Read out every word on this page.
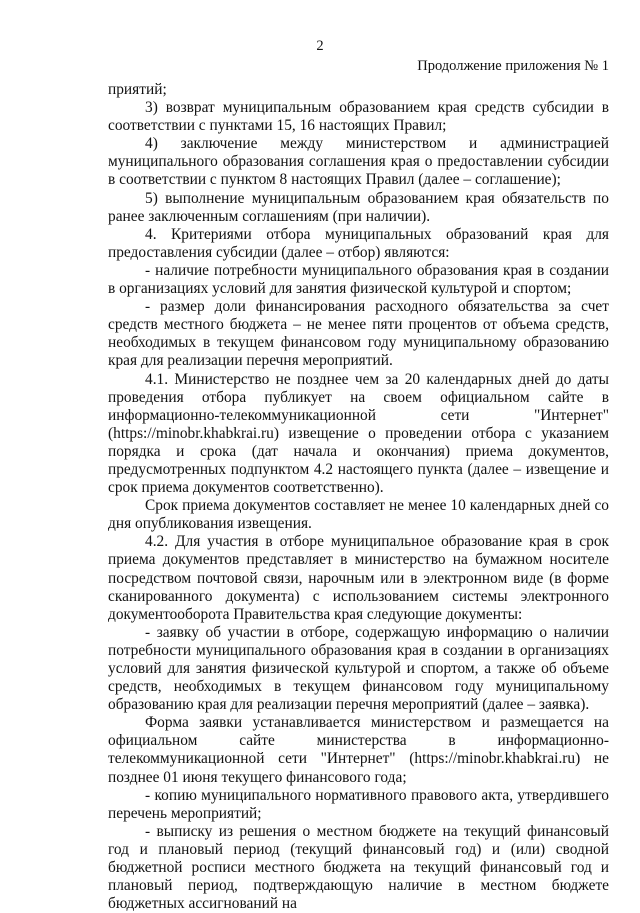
2
Продолжение приложения № 1

приятий;

3) возврат муниципальным образованием края средств субсидии в соответствии с пунктами 15, 16 настоящих Правил;

4) заключение между министерством и администрацией муниципального образования соглашения края о предоставлении субсидии в соответствии с пунктом 8 настоящих Правил (далее – соглашение);

5) выполнение муниципальным образованием края обязательств по ранее заключенным соглашениям (при наличии).

4. Критериями отбора муниципальных образований края для предоставления субсидии (далее – отбор) являются:

- наличие потребности муниципального образования края в создании в организациях условий для занятия физической культурой и спортом;

- размер доли финансирования расходного обязательства за счет средств местного бюджета – не менее пяти процентов от объема средств, необходимых в текущем финансовом году муниципальному образованию края для реализации перечня мероприятий.

4.1. Министерство не позднее чем за 20 календарных дней до даты проведения отбора публикует на своем официальном сайте в информационно-телекоммуникационной сети "Интернет" (https://minobr.khabkrai.ru) извещение о проведении отбора с указанием порядка и срока (дат начала и окончания) приема документов, предусмотренных подпунктом 4.2 настоящего пункта (далее – извещение и срок приема документов соответственно).

Срок приема документов составляет не менее 10 календарных дней со дня опубликования извещения.

4.2. Для участия в отборе муниципальное образование края в срок приема документов представляет в министерство на бумажном носителе посредством почтовой связи, нарочным или в электронном виде (в форме сканированного документа) с использованием системы электронного документооборота Правительства края следующие документы:

- заявку об участии в отборе, содержащую информацию о наличии потребности муниципального образования края в создании в организациях условий для занятия физической культурой и спортом, а также об объеме средств, необходимых в текущем финансовом году муниципальному образованию края для реализации перечня мероприятий (далее – заявка).

Форма заявки устанавливается министерством и размещается на официальном сайте министерства в информационно-телекоммуникационной сети "Интернет" (https://minobr.khabkrai.ru) не позднее 01 июня текущего финансового года;

- копию муниципального нормативного правового акта, утвердившего перечень мероприятий;

- выписку из решения о местном бюджете на текущий финансовый год и плановый период (текущий финансовый год) и (или) сводной бюджетной росписи местного бюджета на текущий финансовый год и плановый период, подтверждающую наличие в местном бюджете бюджетных ассигнований на
